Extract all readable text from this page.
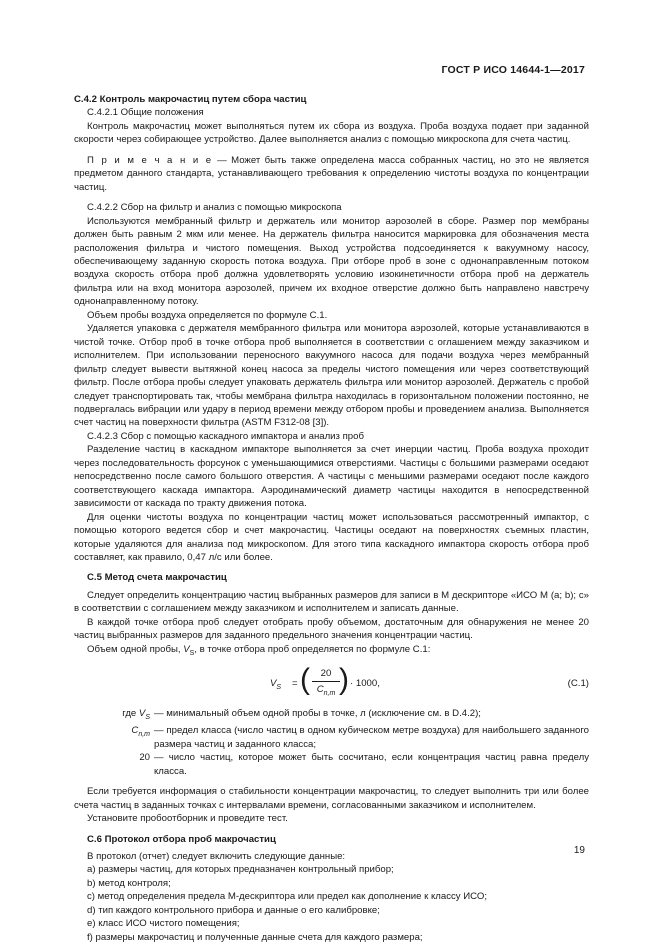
ГОСТ Р ИСО 14644-1—2017

С.4.2 Контроль макрочастиц путем сбора частиц

С.4.2.1 Общие положения

Контроль макрочастиц может выполняться путем их сбора из воздуха. Проба воздуха подает при заданной скорости через собирающее устройство. Далее выполняется анализ с помощью микроскопа для счета частиц.

П р и м е ч а н и е — Может быть также определена масса собранных частиц, но это не является предметом данного стандарта, устанавливающего требования к определению чистоты воздуха по концентрации частиц.

С.4.2.2 Сбор на фильтр и анализ с помощью микроскопа

Используются мембранный фильтр и держатель или монитор аэрозолей в сборе. Размер пор мембраны должен быть равным 2 мкм или менее. На держатель фильтра наносится маркировка для обозначения места расположения фильтра и чистого помещения. Выход устройства подсоединяется к вакуумному насосу, обеспечивающему заданную скорость потока воздуха. При отборе проб в зоне с однонаправленным потоком воздуха скорость отбора проб должна удовлетворять условию изокинетичности отбора проб на держатель фильтра или на вход монитора аэрозолей, причем их входное отверстие должно быть направлено навстречу однонаправленному потоку.

Объем пробы воздуха определяется по формуле С.1.

Удаляется упаковка с держателя мембранного фильтра или монитора аэрозолей, которые устанавливаются в чистой точке. Отбор проб в точке отбора проб выполняется в соответствии с оглашением между заказчиком и исполнителем. При использовании переносного вакуумного насоса для подачи воздуха через мембранный фильтр следует вывести вытяжной конец насоса за пределы чистого помещения или через соответствующий фильтр. После отбора пробы следует упаковать держатель фильтра или монитор аэрозолей. Держатель с пробой следует транспортировать так, чтобы мембрана фильтра находилась в горизонтальном положении постоянно, не подвергалась вибрации или удару в период времени между отбором пробы и проведением анализа. Выполняется счет частиц на поверхности фильтра (ASTM F312-08 [3]).

С.4.2.3 Сбор с помощью каскадного импактора и анализ проб

Разделение частиц в каскадном импакторе выполняется за счет инерции частиц. Проба воздуха проходит через последовательность форсунок с уменьшающимися отверстиями. Частицы с большими размерами оседают непосредственно после самого большого отверстия. А частицы с меньшими размерами оседают после каждого соответствующего каскада импактора. Аэродинамический диаметр частицы находится в непосредственной зависимости от каскада по тракту движения потока.

Для оценки чистоты воздуха по концентрации частиц может использоваться рассмотренный импактор, с помощью которого ведется сбор и счет макрочастиц. Частицы оседают на поверхностях съемных пластин, которые удаляются для анализа под микроскопом. Для этого типа каскадного импактора скорость отбора проб составляет, как правило, 0,47 л/с или более.

С.5 Метод счета макрочастиц

Следует определить концентрацию частиц выбранных размеров для записи в М дескрипторе «ИСО М (a; b); c» в соответствии с соглашением между заказчиком и исполнителем и записать данные.

В каждой точке отбора проб следует отобрать пробу объемом, достаточным для обнаружения не менее 20 частиц выбранных размеров для заданного предельного значения концентрации частиц.

Объем одной пробы, $V_S$, в точке отбора проб определяется по формуле С.1:

$V_S$ = ( $\frac{20}{C_{n,m}}$ ) · 1000,	(С.1)
где $V_S$ — минимальный объем одной пробы в точке, л (исключение см. в D.4.2);
$C_{n,m}$ — предел класса (число частиц в одном кубическом метре воздуха) для наибольшего заданного размера частиц и заданного класса;
20 — число частиц, которое может быть сосчитано, если концентрация частиц равна пределу класса.

Если требуется информация о стабильности концентрации макрочастиц, то следует выполнить три или более счета частиц в заданных точках с интервалами времени, согласованными заказчиком и исполнителем.

Установите пробоотборник и проведите тест.

С.6 Протокол отбора проб макрочастиц

В протокол (отчет) следует включить следующие данные:

a) размеры частиц, для которых предназначен контрольный прибор;

b) метод контроля;

c) метод определения предела М-дескриптора или предел как дополнение к классу ИСО;

d) тип каждого контрольного прибора и данные о его калибровке;

e) класс ИСО чистого помещения;

f) размеры макрочастиц и полученные данные счета для каждого размера;

19
